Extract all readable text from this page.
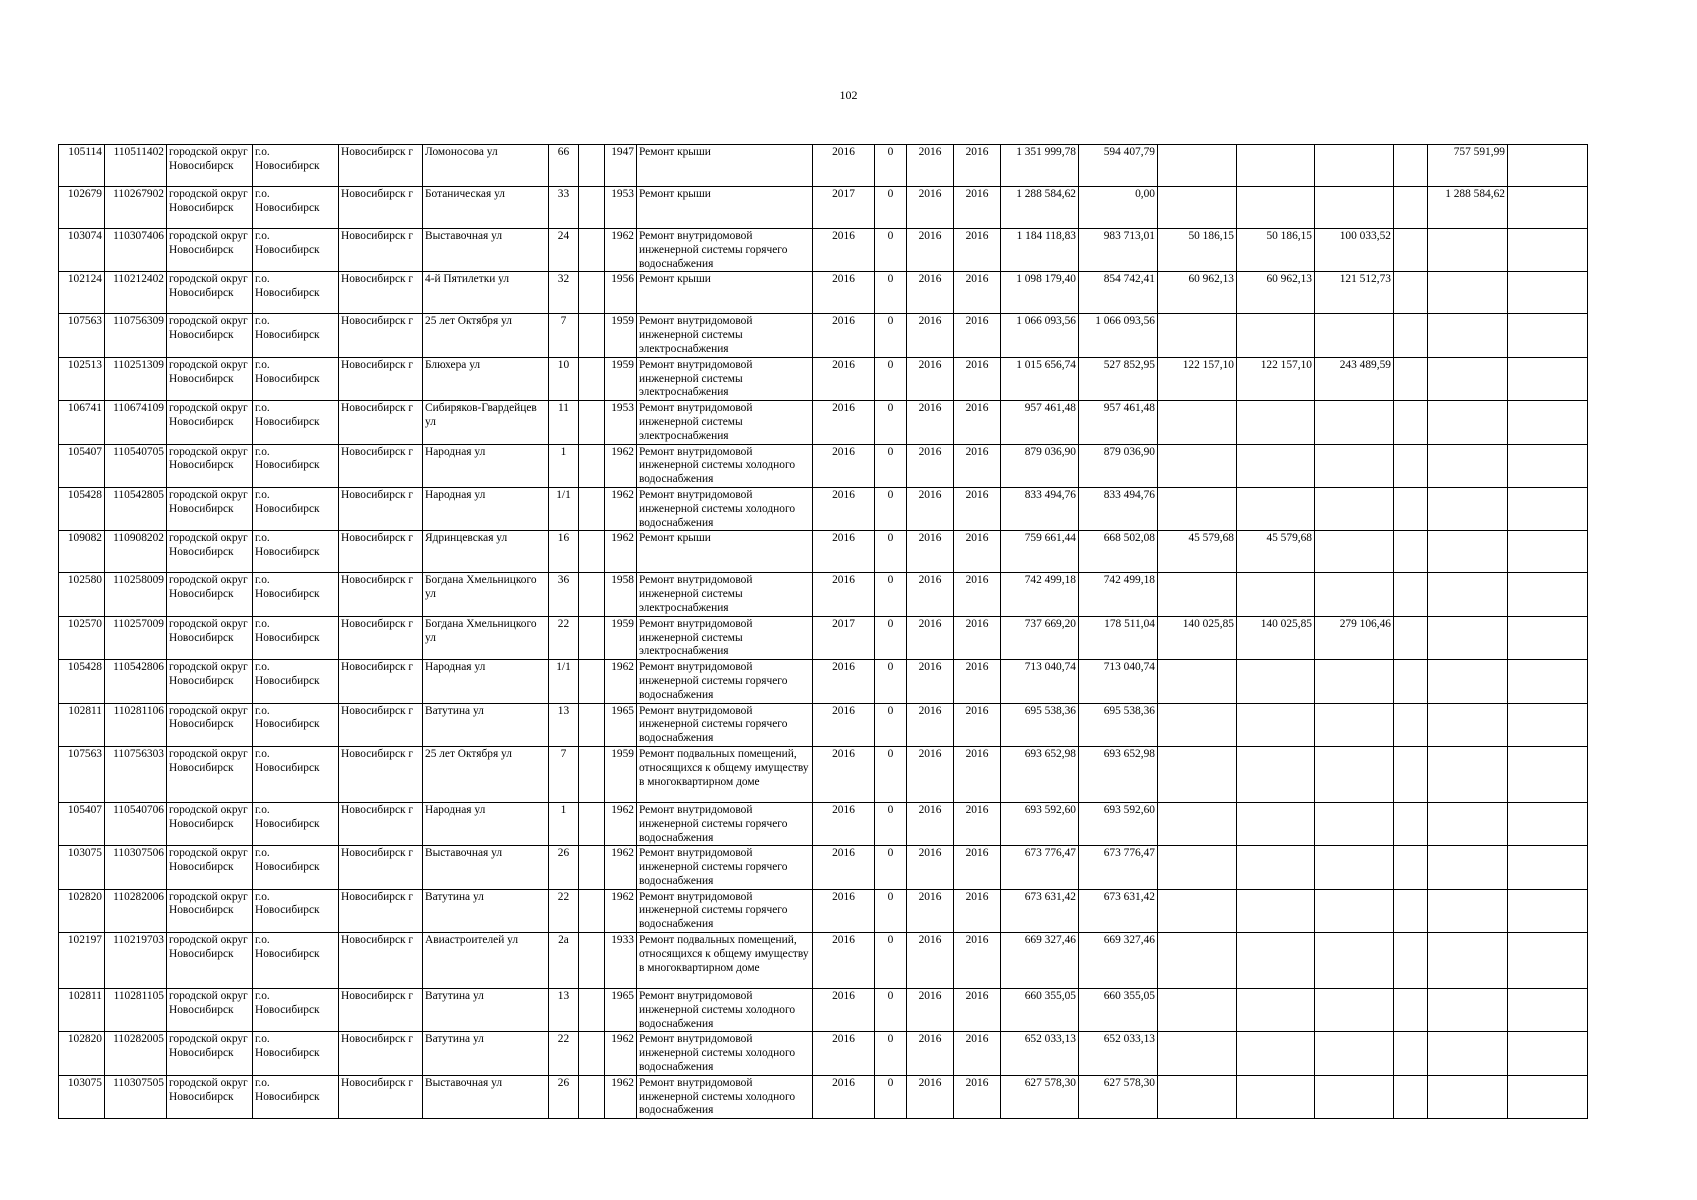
102
105114	110511402	городской округ Новосибирск	г.о. Новосибирск	Новосибирск г	Ломоносова ул	66		1947	Ремонт крыши	2016	0	2016	2016	1 351 999,78	594 407,79					757 591,99	
102679	110267902	городской округ Новосибирск	г.о. Новосибирск	Новосибирск г	Ботаническая ул	33		1953	Ремонт крыши	2017	0	2016	2016	1 288 584,62	0,00					1 288 584,62	
103074	110307406	городской округ Новосибирск	г.о. Новосибирск	Новосибирск г	Выставочная ул	24		1962	Ремонт внутридомовой инженерной системы горячего водоснабжения	2016	0	2016	2016	1 184 118,83	983 713,01	50 186,15	50 186,15	100 033,52			
102124	110212402	городской округ Новосибирск	г.о. Новосибирск	Новосибирск г	4-й Пятилетки ул	32		1956	Ремонт крыши	2016	0	2016	2016	1 098 179,40	854 742,41	60 962,13	60 962,13	121 512,73			
107563	110756309	городской округ Новосибирск	г.о. Новосибирск	Новосибирск г	25 лет Октября ул	7		1959	Ремонт внутридомовой инженерной системы электроснабжения	2016	0	2016	2016	1 066 093,56	1 066 093,56						
102513	110251309	городской округ Новосибирск	г.о. Новосибирск	Новосибирск г	Блюхера ул	10		1959	Ремонт внутридомовой инженерной системы электроснабжения	2016	0	2016	2016	1 015 656,74	527 852,95	122 157,10	122 157,10	243 489,59			
106741	110674109	городской округ Новосибирск	г.о. Новосибирск	Новосибирск г	Сибиряков-Гвардейцев ул	11		1953	Ремонт внутридомовой инженерной системы электроснабжения	2016	0	2016	2016	957 461,48	957 461,48						
105407	110540705	городской округ Новосибирск	г.о. Новосибирск	Новосибирск г	Народная ул	1		1962	Ремонт внутридомовой инженерной системы холодного водоснабжения	2016	0	2016	2016	879 036,90	879 036,90						
105428	110542805	городской округ Новосибирск	г.о. Новосибирск	Новосибирск г	Народная ул	1/1		1962	Ремонт внутридомовой инженерной системы холодного водоснабжения	2016	0	2016	2016	833 494,76	833 494,76						
109082	110908202	городской округ Новосибирск	г.о. Новосибирск	Новосибирск г	Ядринцевская ул	16		1962	Ремонт крыши	2016	0	2016	2016	759 661,44	668 502,08	45 579,68	45 579,68				
102580	110258009	городской округ Новосибирск	г.о. Новосибирск	Новосибирск г	Богдана Хмельницкого ул	36		1958	Ремонт внутридомовой инженерной системы электроснабжения	2016	0	2016	2016	742 499,18	742 499,18						
102570	110257009	городской округ Новосибирск	г.о. Новосибирск	Новосибирск г	Богдана Хмельницкого ул	22		1959	Ремонт внутридомовой инженерной системы электроснабжения	2017	0	2016	2016	737 669,20	178 511,04	140 025,85	140 025,85	279 106,46			
105428	110542806	городской округ Новосибирск	г.о. Новосибирск	Новосибирск г	Народная ул	1/1		1962	Ремонт внутридомовой инженерной системы горячего водоснабжения	2016	0	2016	2016	713 040,74	713 040,74						
102811	110281106	городской округ Новосибирск	г.о. Новосибирск	Новосибирск г	Ватутина ул	13		1965	Ремонт внутридомовой инженерной системы горячего водоснабжения	2016	0	2016	2016	695 538,36	695 538,36						
107563	110756303	городской округ Новосибирск	г.о. Новосибирск	Новосибирск г	25 лет Октября ул	7		1959	Ремонт подвальных помещений, относящихся к общему имуществу в многоквартирном доме	2016	0	2016	2016	693 652,98	693 652,98						
105407	110540706	городской округ Новосибирск	г.о. Новосибирск	Новосибирск г	Народная ул	1		1962	Ремонт внутридомовой инженерной системы горячего водоснабжения	2016	0	2016	2016	693 592,60	693 592,60						
103075	110307506	городской округ Новосибирск	г.о. Новосибирск	Новосибирск г	Выставочная ул	26		1962	Ремонт внутридомовой инженерной системы горячего водоснабжения	2016	0	2016	2016	673 776,47	673 776,47						
102820	110282006	городской округ Новосибирск	г.о. Новосибирск	Новосибирск г	Ватутина ул	22		1962	Ремонт внутридомовой инженерной системы горячего водоснабжения	2016	0	2016	2016	673 631,42	673 631,42						
102197	110219703	городской округ Новосибирск	г.о. Новосибирск	Новосибирск г	Авиастроителей ул	2а		1933	Ремонт подвальных помещений, относящихся к общему имуществу в многоквартирном доме	2016	0	2016	2016	669 327,46	669 327,46						
102811	110281105	городской округ Новосибирск	г.о. Новосибирск	Новосибирск г	Ватутина ул	13		1965	Ремонт внутридомовой инженерной системы холодного водоснабжения	2016	0	2016	2016	660 355,05	660 355,05						
102820	110282005	городской округ Новосибирск	г.о. Новосибирск	Новосибирск г	Ватутина ул	22		1962	Ремонт внутридомовой инженерной системы холодного водоснабжения	2016	0	2016	2016	652 033,13	652 033,13						
103075	110307505	городской округ Новосибирск	г.о. Новосибирск	Новосибирск г	Выставочная ул	26		1962	Ремонт внутридомовой инженерной системы холодного водоснабжения	2016	0	2016	2016	627 578,30	627 578,30						
